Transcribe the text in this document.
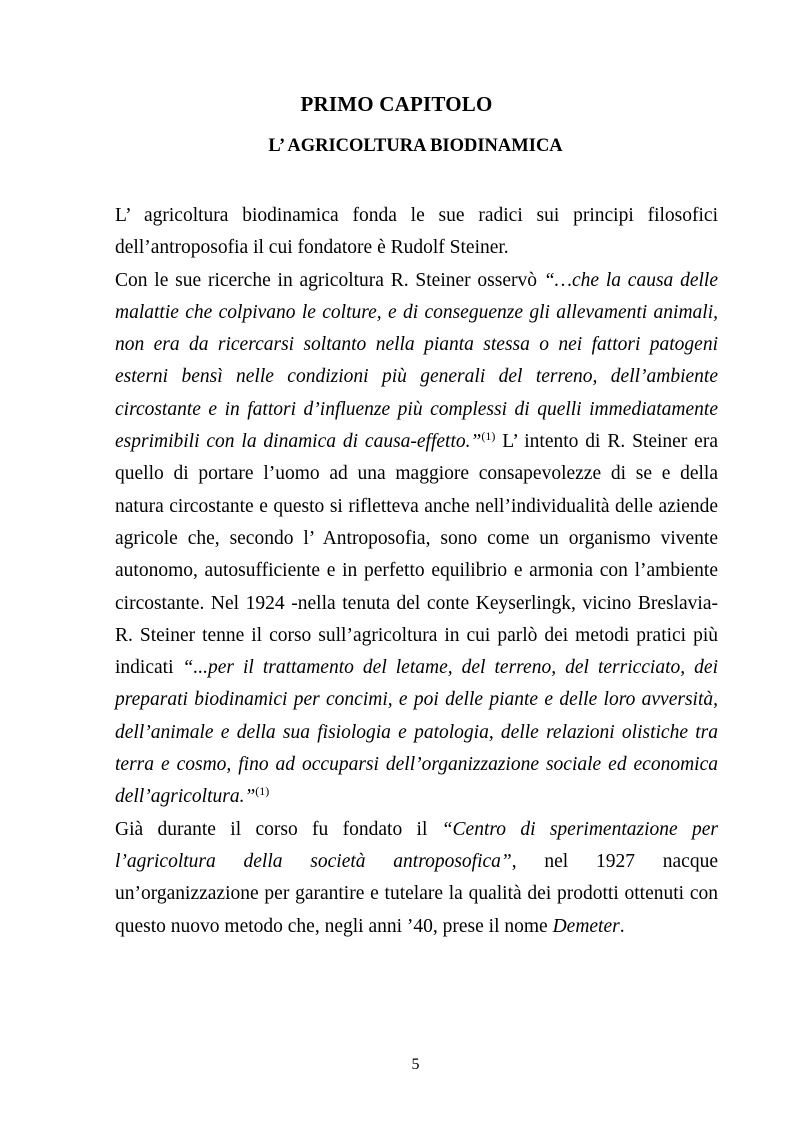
PRIMO CAPITOLO
L’ AGRICOLTURA BIODINAMICA

L’ agricoltura biodinamica fonda le sue radici sui principi filosofici dell’antroposofia il cui fondatore è Rudolf Steiner.

Con le sue ricerche in agricoltura R. Steiner osservò “…che la causa delle malattie che colpivano le colture, e di conseguenze gli allevamenti animali, non era da ricercarsi soltanto nella pianta stessa o nei fattori patogeni esterni bensì nelle condizioni più generali del terreno, dell’ambiente circostante e in fattori d’influenze più complessi di quelli immediatamente esprimibili con la dinamica di causa-effetto.”$^{(1)}$ L’ intento di R. Steiner era quello di portare l’uomo ad una maggiore consapevolezze di se e della natura circostante e questo si rifletteva anche nell’individualità delle aziende agricole che, secondo l’ Antroposofia, sono come un organismo vivente autonomo, autosufficiente e in perfetto equilibrio e armonia con l’ambiente circostante. Nel 1924 -nella tenuta del conte Keyserlingk, vicino Breslavia- R. Steiner tenne il corso sull’agricoltura in cui parlò dei metodi pratici più indicati “...per il trattamento del letame, del terreno, del terricciato, dei preparati biodinamici per concimi, e poi delle piante e delle loro avversità, dell’animale e della sua fisiologia e patologia, delle relazioni olistiche tra terra e cosmo, fino ad occuparsi dell’organizzazione sociale ed economica dell’agricoltura.”$^{(1)}$

Già durante il corso fu fondato il “Centro di sperimentazione per l’agricoltura della società antroposofica”, nel 1927 nacque un’organizzazione per garantire e tutelare la qualità dei prodotti ottenuti con questo nuovo metodo che, negli anni ’40, prese il nome Demeter.

5
